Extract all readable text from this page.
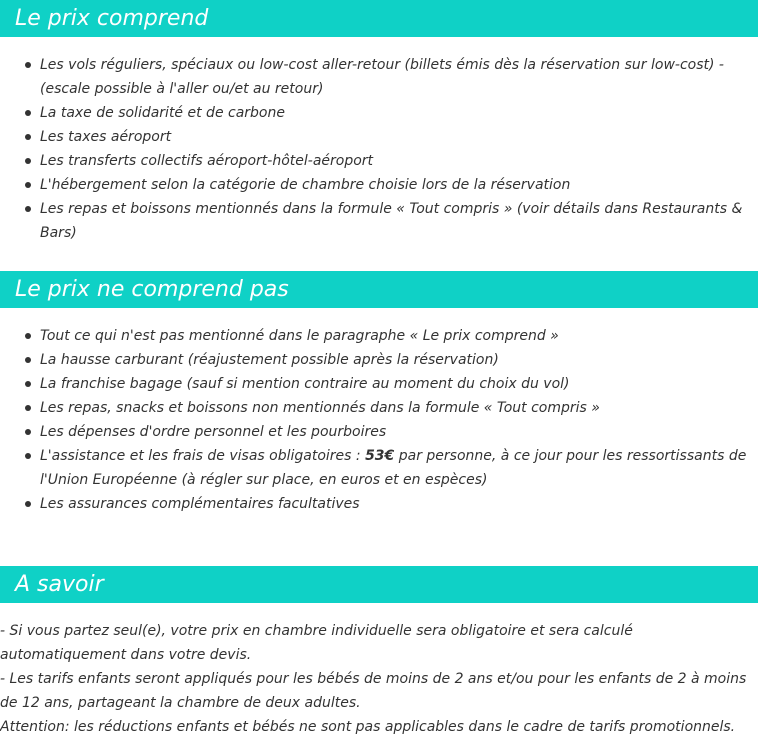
Le prix comprend
Les vols réguliers, spéciaux ou low-cost aller-retour (billets émis dès la réservation sur low-cost) - (escale possible à l'aller ou/et au retour)
La taxe de solidarité et de carbone
Les taxes aéroport
Les transferts collectifs aéroport-hôtel-aéroport
L'hébergement selon la catégorie de chambre choisie lors de la réservation
Les repas et boissons mentionnés dans la formule « Tout compris » (voir détails dans Restaurants & Bars)
Le prix ne comprend pas
Tout ce qui n'est pas mentionné dans le paragraphe « Le prix comprend »
La hausse carburant (réajustement possible après la réservation)
La franchise bagage (sauf si mention contraire au moment du choix du vol)
Les repas, snacks et boissons non mentionnés dans la formule « Tout compris »
Les dépenses d'ordre personnel et les pourboires
L'assistance et les frais de visas obligatoires : 53€ par personne, à ce jour pour les ressortissants de l'Union Européenne (à régler sur place, en euros et en espèces)
Les assurances complémentaires facultatives
A savoir

- Si vous partez seul(e), votre prix en chambre individuelle sera obligatoire et sera calculé automatiquement dans votre devis.

- Les tarifs enfants seront appliqués pour les bébés de moins de 2 ans et/ou pour les enfants de 2 à moins de 12 ans, partageant la chambre de deux adultes.

Attention: les réductions enfants et bébés ne sont pas applicables dans le cadre de tarifs promotionnels.
